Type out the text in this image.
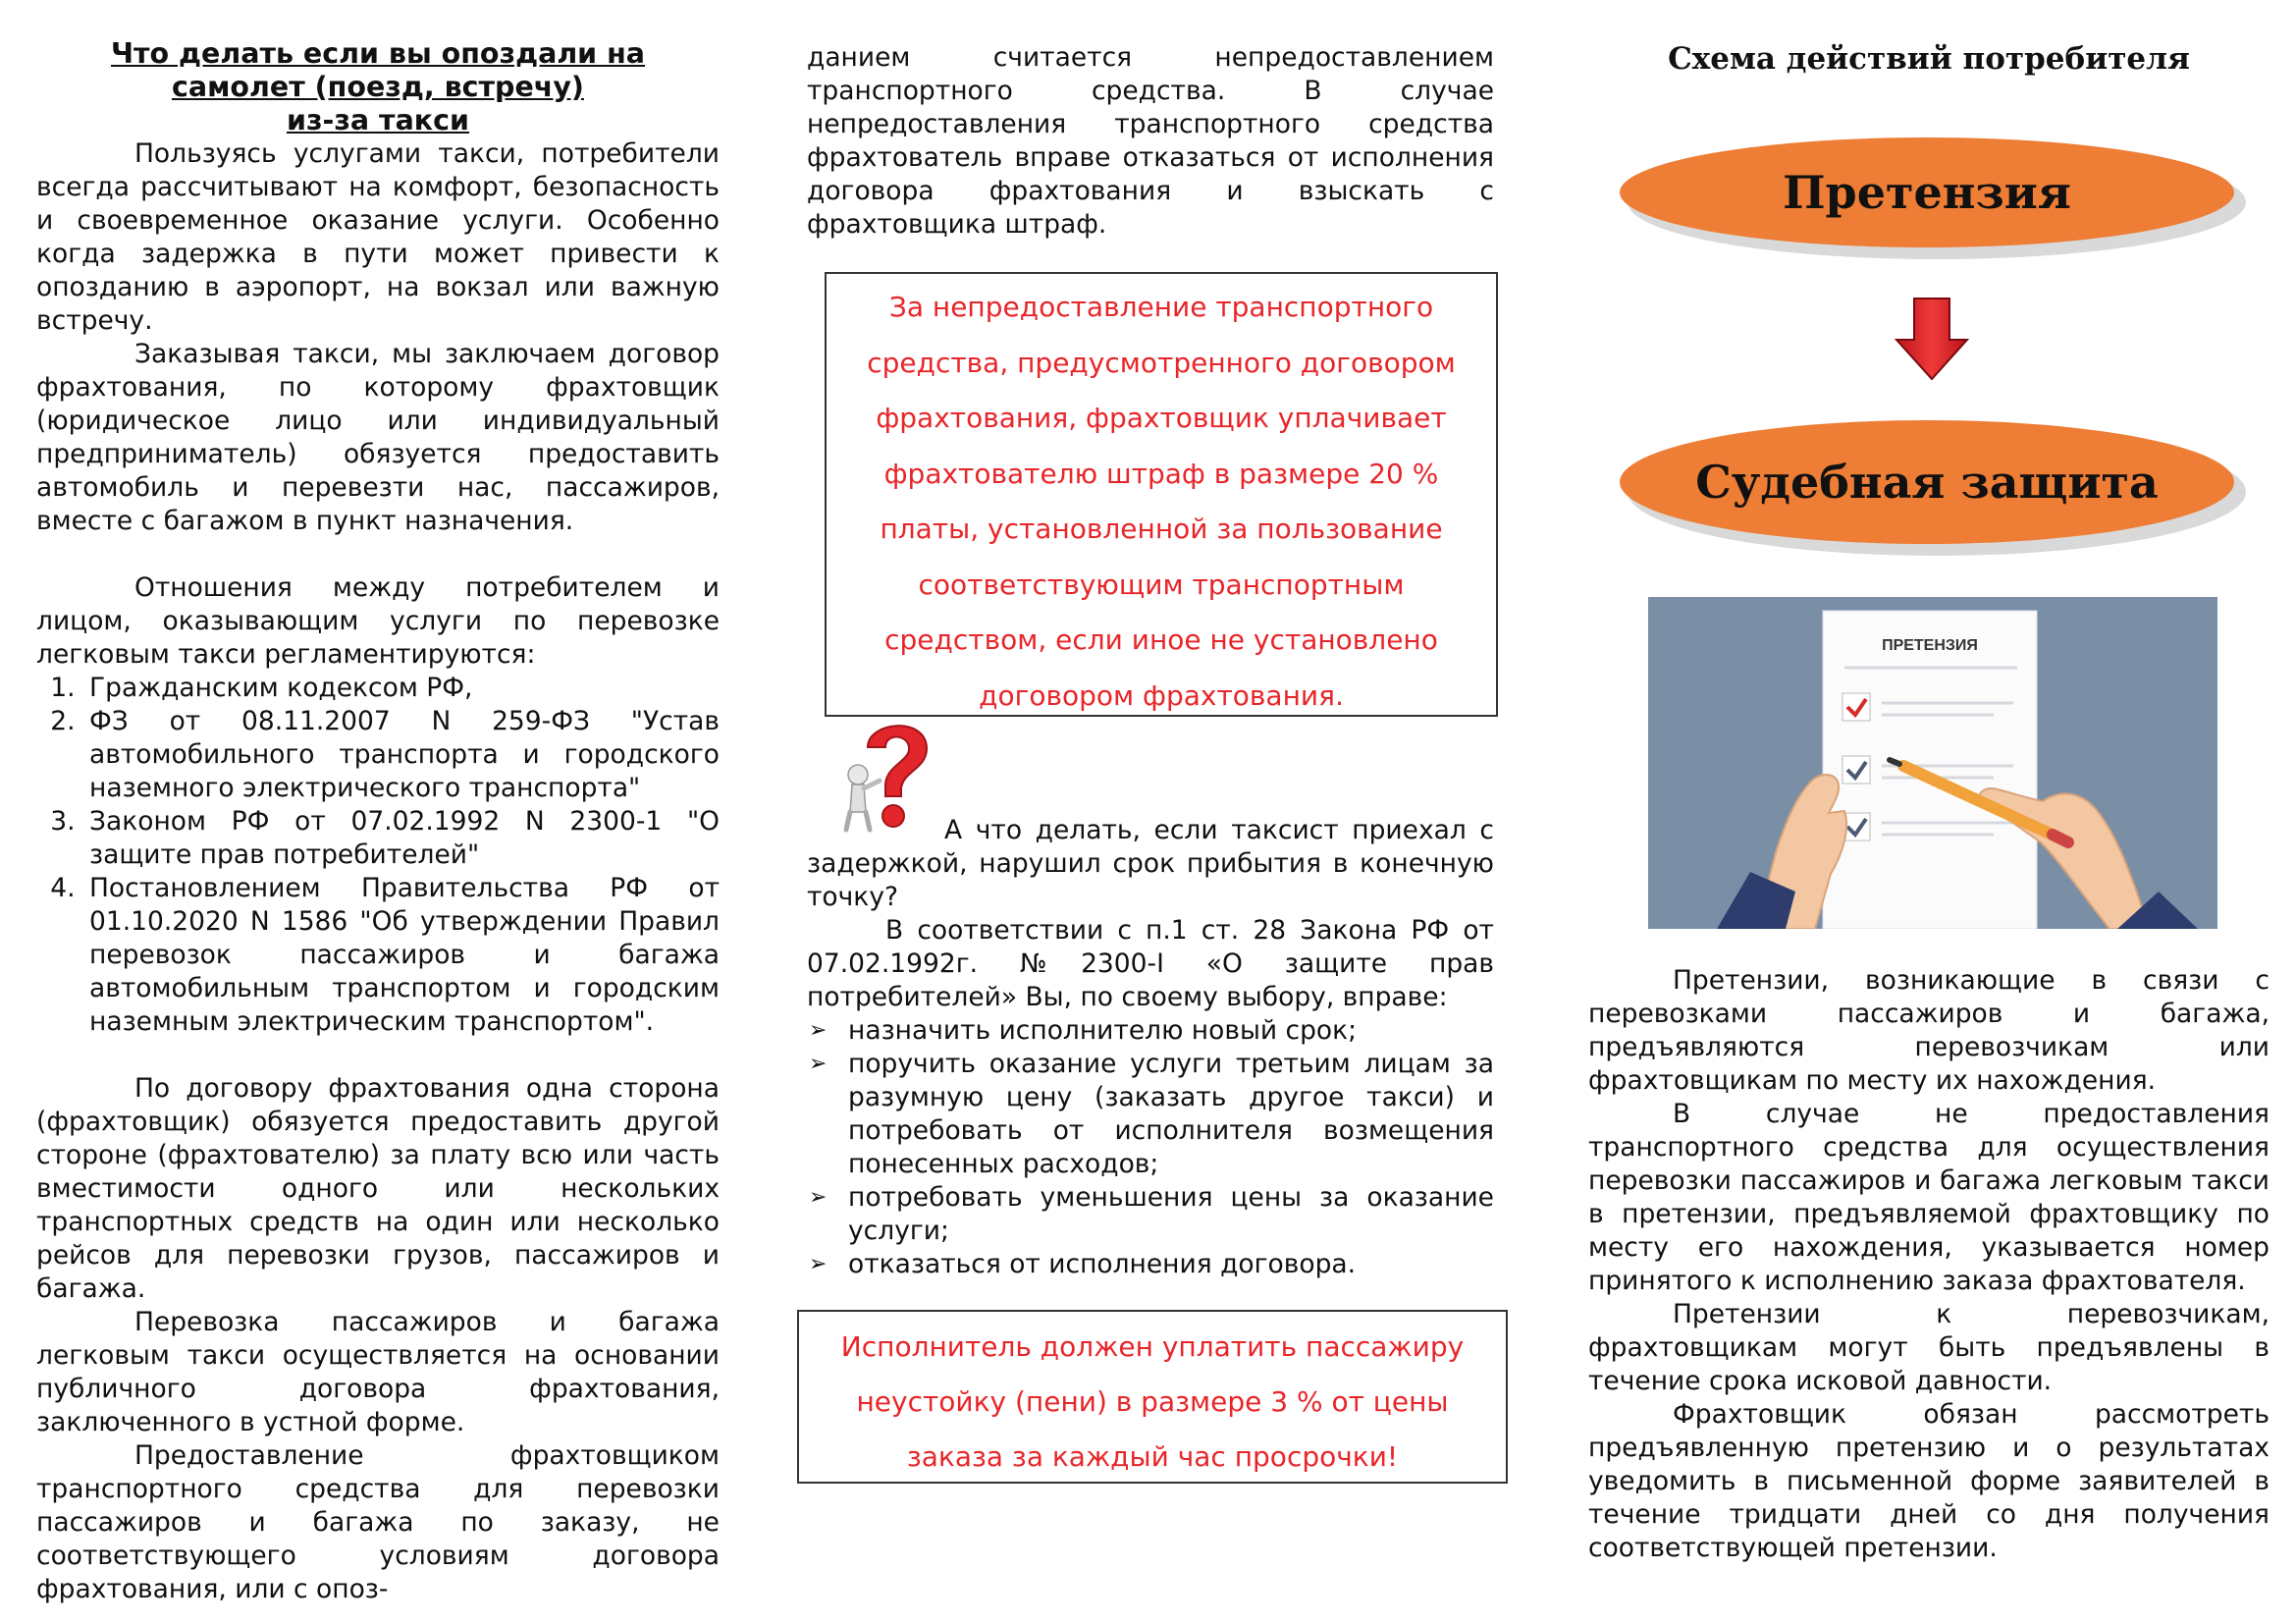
Что делать если вы опоздали на

самолет (поезд, встречу)

из-за такси

Пользуясь услугами такси, потребители всегда рассчитывают на комфорт, безопасность и своевременное оказание услуги. Особенно когда задержка в пути может привести к опозданию в аэропорт, на вокзал или важную встречу.

Заказывая такси, мы заключаем договор фрахтования, по которому фрахтовщик (юридическое лицо или индивидуальный предприниматель) обязуется предоставить автомобиль и перевезти нас, пассажиров, вместе с багажом в пункт назначения.

Отношения между потребителем и лицом, оказывающим услуги по перевозке легковым такси регламентируются:

1. Гражданским кодексом РФ,
2. ФЗ от 08.11.2007 N 259-ФЗ "Устав автомобильного транспорта и городского наземного электрического транспорта"
3. Законом РФ от 07.02.1992 N 2300-1 "О защите прав потребителей"
4. Постановлением Правительства РФ от 01.10.2020 N 1586 "Об утверждении Правил перевозок пассажиров и багажа автомобильным транспортом и городским наземным электрическим транспортом".

По договору фрахтования одна сторона (фрахтовщик) обязуется предоставить другой стороне (фрахтователю) за плату всю или часть вместимости одного или нескольких транспортных средств на один или несколько рейсов для перевозки грузов, пассажиров и багажа.

Перевозка пассажиров и багажа легковым такси осуществляется на основании публичного договора фрахтования, заключенного в устной форме.

Предоставление фрахтовщиком транспортного средства для перевозки пассажиров и багажа по заказу, не соответствующего условиям договора фрахтования, или с опоз-

данием считается непредоставлением транспортного средства. В случае непредоставления транспортного средства фрахтователь вправе отказаться от исполнения договора фрахтования и взыскать с фрахтовщика штраф.

За непредоставление транспортного

средства, предусмотренного договором

фрахтования, фрахтовщик уплачивает

фрахтователю штраф в размере 20 %

платы, установленной за пользование

соответствующим транспортным

средством, если иное не установлено

договором фрахтования.

А что делать, если таксист приехал с задержкой, нарушил срок прибытия в конечную точку?

В соответствии с п.1 ст. 28 Закона РФ от 07.02.1992г. №2300-I «О защите прав потребителей» Вы, по своему выбору, вправе:

➢ назначить исполнителю новый срок;
➢ поручить оказание услуги третьим лицам за разумную цену (заказать другое такси) и потребовать от исполнителя возмещения понесенных расходов;
➢ потребовать уменьшения цены за оказание услуги;
➢ отказаться от исполнения договора.

Исполнитель должен уплатить пассажиру

неустойку (пени) в размере 3 % от цены

заказа за каждый час просрочки!

Схема действий потребителя
Претензия
Судебная защита
ПРЕТЕНЗИЯ

Претензии, возникающие в связи с перевозками пассажиров и багажа, предъявляются перевозчикам или фрахтовщикам по месту их нахождения.

В случае не предоставления транспортного средства для осуществления перевозки пассажиров и багажа легковым такси в претензии, предъявляемой фрахтовщику по месту его нахождения, указывается номер принятого к исполнению заказа фрахтователя.

Претензии к перевозчикам, фрахтовщикам могут быть предъявлены в течение срока исковой давности.

Фрахтовщик обязан рассмотреть предъявленную претензию и о результатах уведомить в письменной форме заявителей в течение тридцати дней со дня получения соответствующей претензии.
